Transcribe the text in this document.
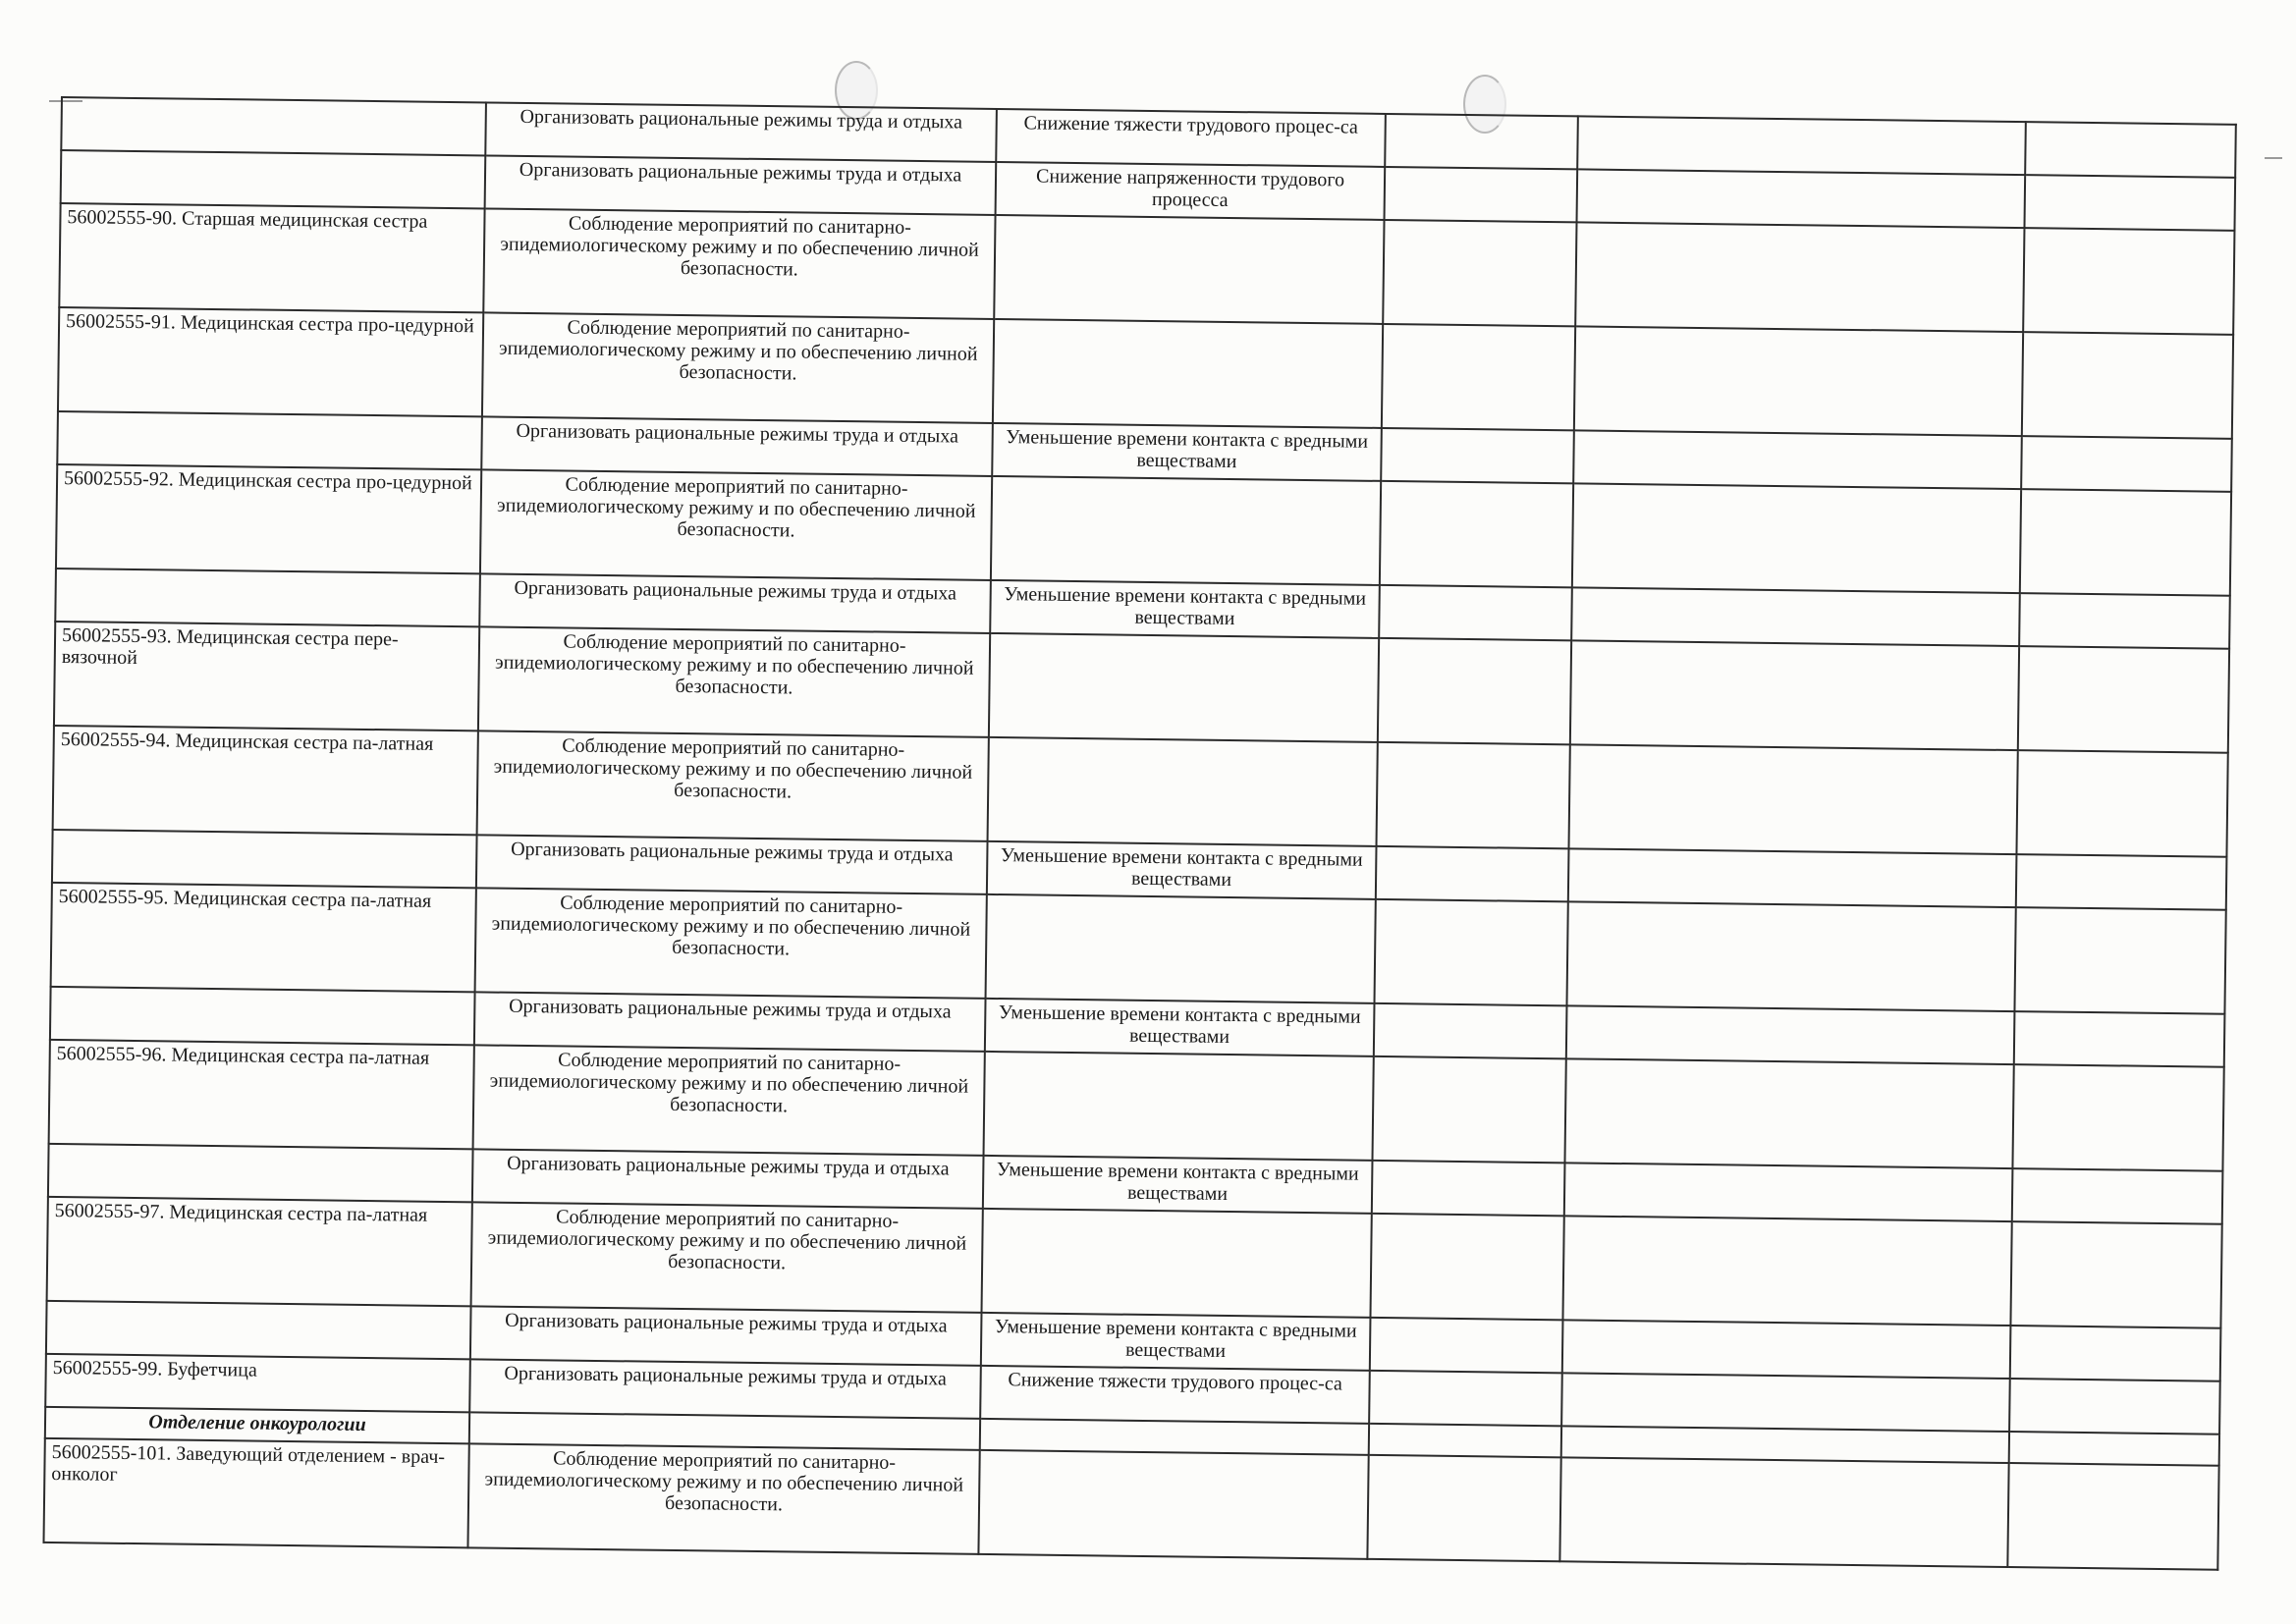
	Организовать рациональные режимы труда и отдыха	Снижение тяжести трудового процес-са			
	Организовать рациональные режимы труда и отдыха	Снижение напряженности трудового процесса			
56002555-90. Старшая медицинская сестра	Соблюдение мероприятий по санитарно-эпидемиологическому режиму и по обеспечению личной безопасности.				
56002555-91. Медицинская сестра про-цедурной	Соблюдение мероприятий по санитарно-эпидемиологическому режиму и по обеспечению личной безопасности.				
	Организовать рациональные режимы труда и отдыха	Уменьшение времени контакта с вредными веществами			
56002555-92. Медицинская сестра про-цедурной	Соблюдение мероприятий по санитарно-эпидемиологическому режиму и по обеспечению личной безопасности.				
	Организовать рациональные режимы труда и отдыха	Уменьшение времени контакта с вредными веществами			
56002555-93. Медицинская сестра пере-вязочной	Соблюдение мероприятий по санитарно-эпидемиологическому режиму и по обеспечению личной безопасности.				
56002555-94. Медицинская сестра па-латная	Соблюдение мероприятий по санитарно-эпидемиологическому режиму и по обеспечению личной безопасности.				
	Организовать рациональные режимы труда и отдыха	Уменьшение времени контакта с вредными веществами			
56002555-95. Медицинская сестра па-латная	Соблюдение мероприятий по санитарно-эпидемиологическому режиму и по обеспечению личной безопасности.				
	Организовать рациональные режимы труда и отдыха	Уменьшение времени контакта с вредными веществами			
56002555-96. Медицинская сестра па-латная	Соблюдение мероприятий по санитарно-эпидемиологическому режиму и по обеспечению личной безопасности.				
	Организовать рациональные режимы труда и отдыха	Уменьшение времени контакта с вредными веществами			
56002555-97. Медицинская сестра па-латная	Соблюдение мероприятий по санитарно-эпидемиологическому режиму и по обеспечению личной безопасности.				
	Организовать рациональные режимы труда и отдыха	Уменьшение времени контакта с вредными веществами			
56002555-99. Буфетчица	Организовать рациональные режимы труда и отдыха	Снижение тяжести трудового процес-са			
Отделение онкоурологии					
56002555-101. Заведующий отделением - врач-онколог	Соблюдение мероприятий по санитарно-эпидемиологическому режиму и по обеспечению личной безопасности.				
